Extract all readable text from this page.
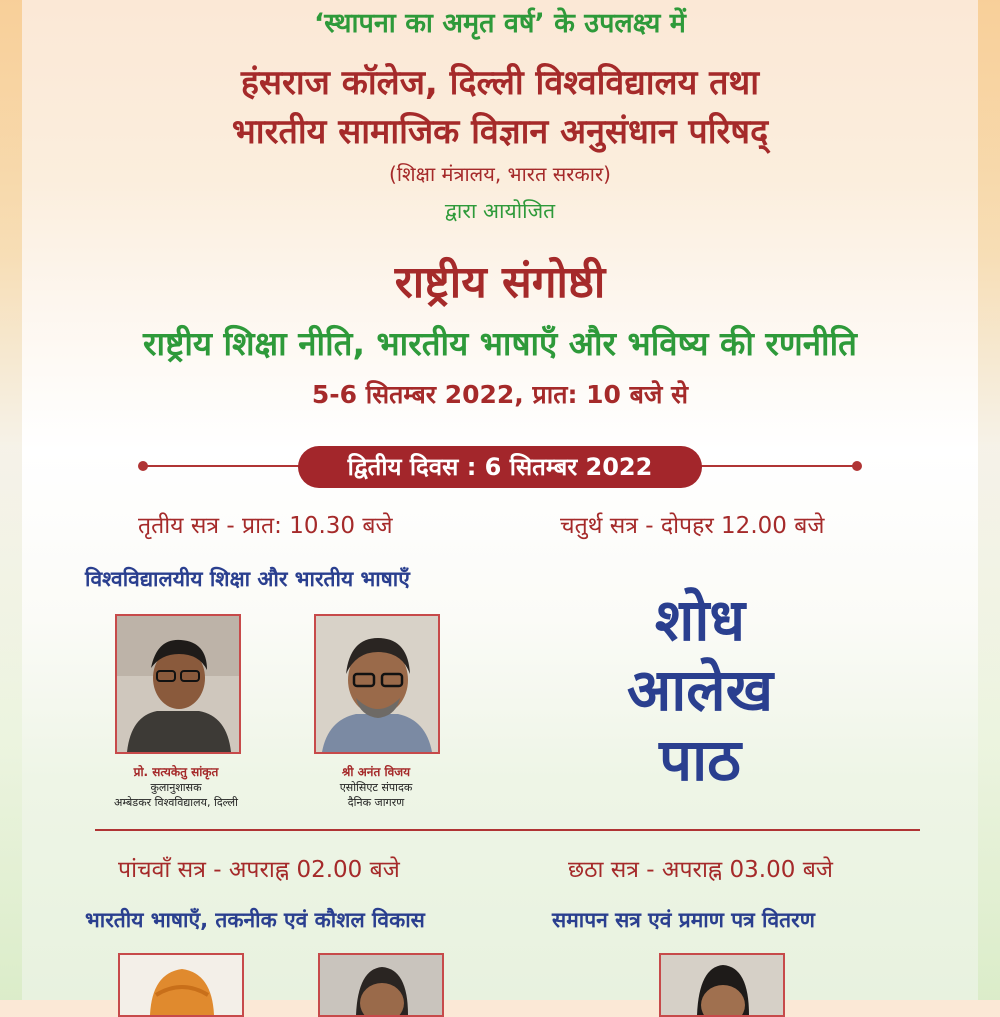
‘स्थापना का अमृत वर्ष’ के उपलक्ष्य में
हंसराज कॉलेज, दिल्ली विश्वविद्यालय तथा
भारतीय सामाजिक विज्ञान अनुसंधान परिषद्
(शिक्षा मंत्रालय, भारत सरकार)
द्वारा आयोजित
राष्ट्रीय संगोष्ठी
राष्ट्रीय शिक्षा नीति, भारतीय भाषाएँ और भविष्य की रणनीति
5-6 सितम्बर 2022, प्रात: 10 बजे से
द्वितीय दिवस : 6 सितम्बर 2022
तृतीय सत्र - प्रात: 10.30 बजे
विश्वविद्यालयीय शिक्षा और भारतीय भाषाएँ
प्रो. सत्यकेतु सांकृत
कुलानुशासक
अम्बेडकर विश्वविद्यालय, दिल्ली
श्री अनंत विजय
एसोसिएट संपादक
दैनिक जागरण
चतुर्थ सत्र - दोपहर 12.00 बजे
शोध
आलेख
पाठ
पांचवाँ सत्र - अपराह्न 02.00 बजे
भारतीय भाषाएँ, तकनीक एवं कौशल विकास
छठा सत्र - अपराह्न 03.00 बजे
समापन सत्र एवं प्रमाण पत्र वितरण
